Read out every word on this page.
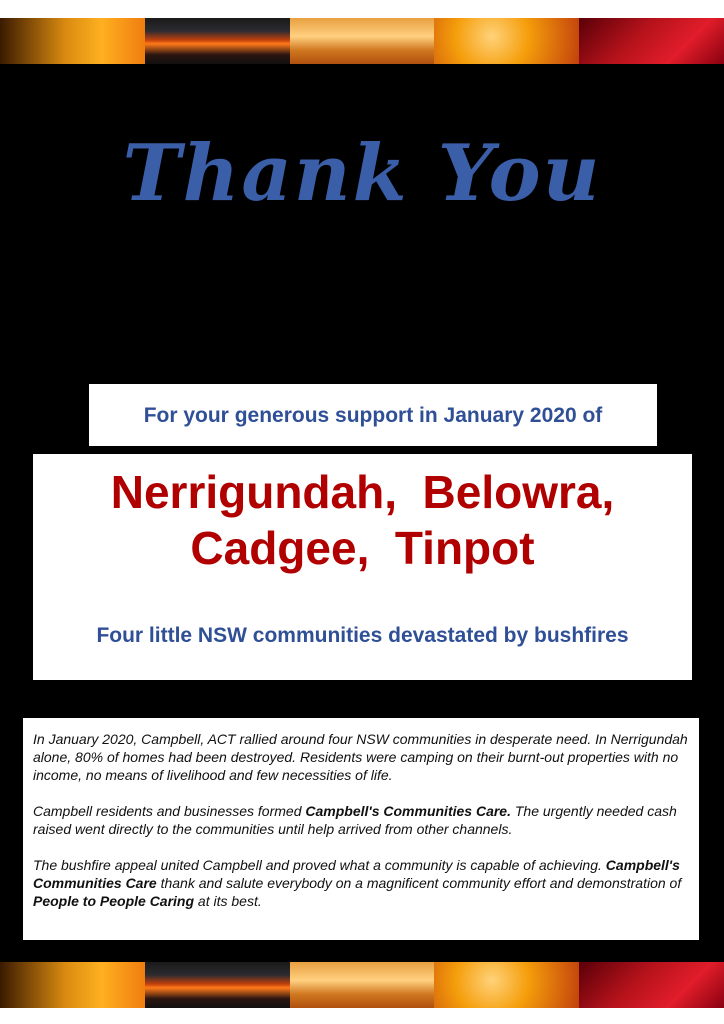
Thank You
For your generous support in January 2020 of
Nerrigundah,  Belowra,
Cadgee,  Tinpot
Four little NSW communities devastated by bushfires

In January 2020, Campbell, ACT rallied around four NSW communities in desperate need. In Nerrigundah alone, 80% of homes had been destroyed. Residents were camping on their burnt-out properties with no income, no means of livelihood and few necessities of life.

Campbell residents and businesses formed Campbell's Communities Care. The urgently needed cash raised went directly to the communities until help arrived from other channels.

The bushfire appeal united Campbell and proved what a community is capable of achieving. Campbell's Communities Care thank and salute everybody on a magnificent community effort and demonstration of People to People Caring at its best.
